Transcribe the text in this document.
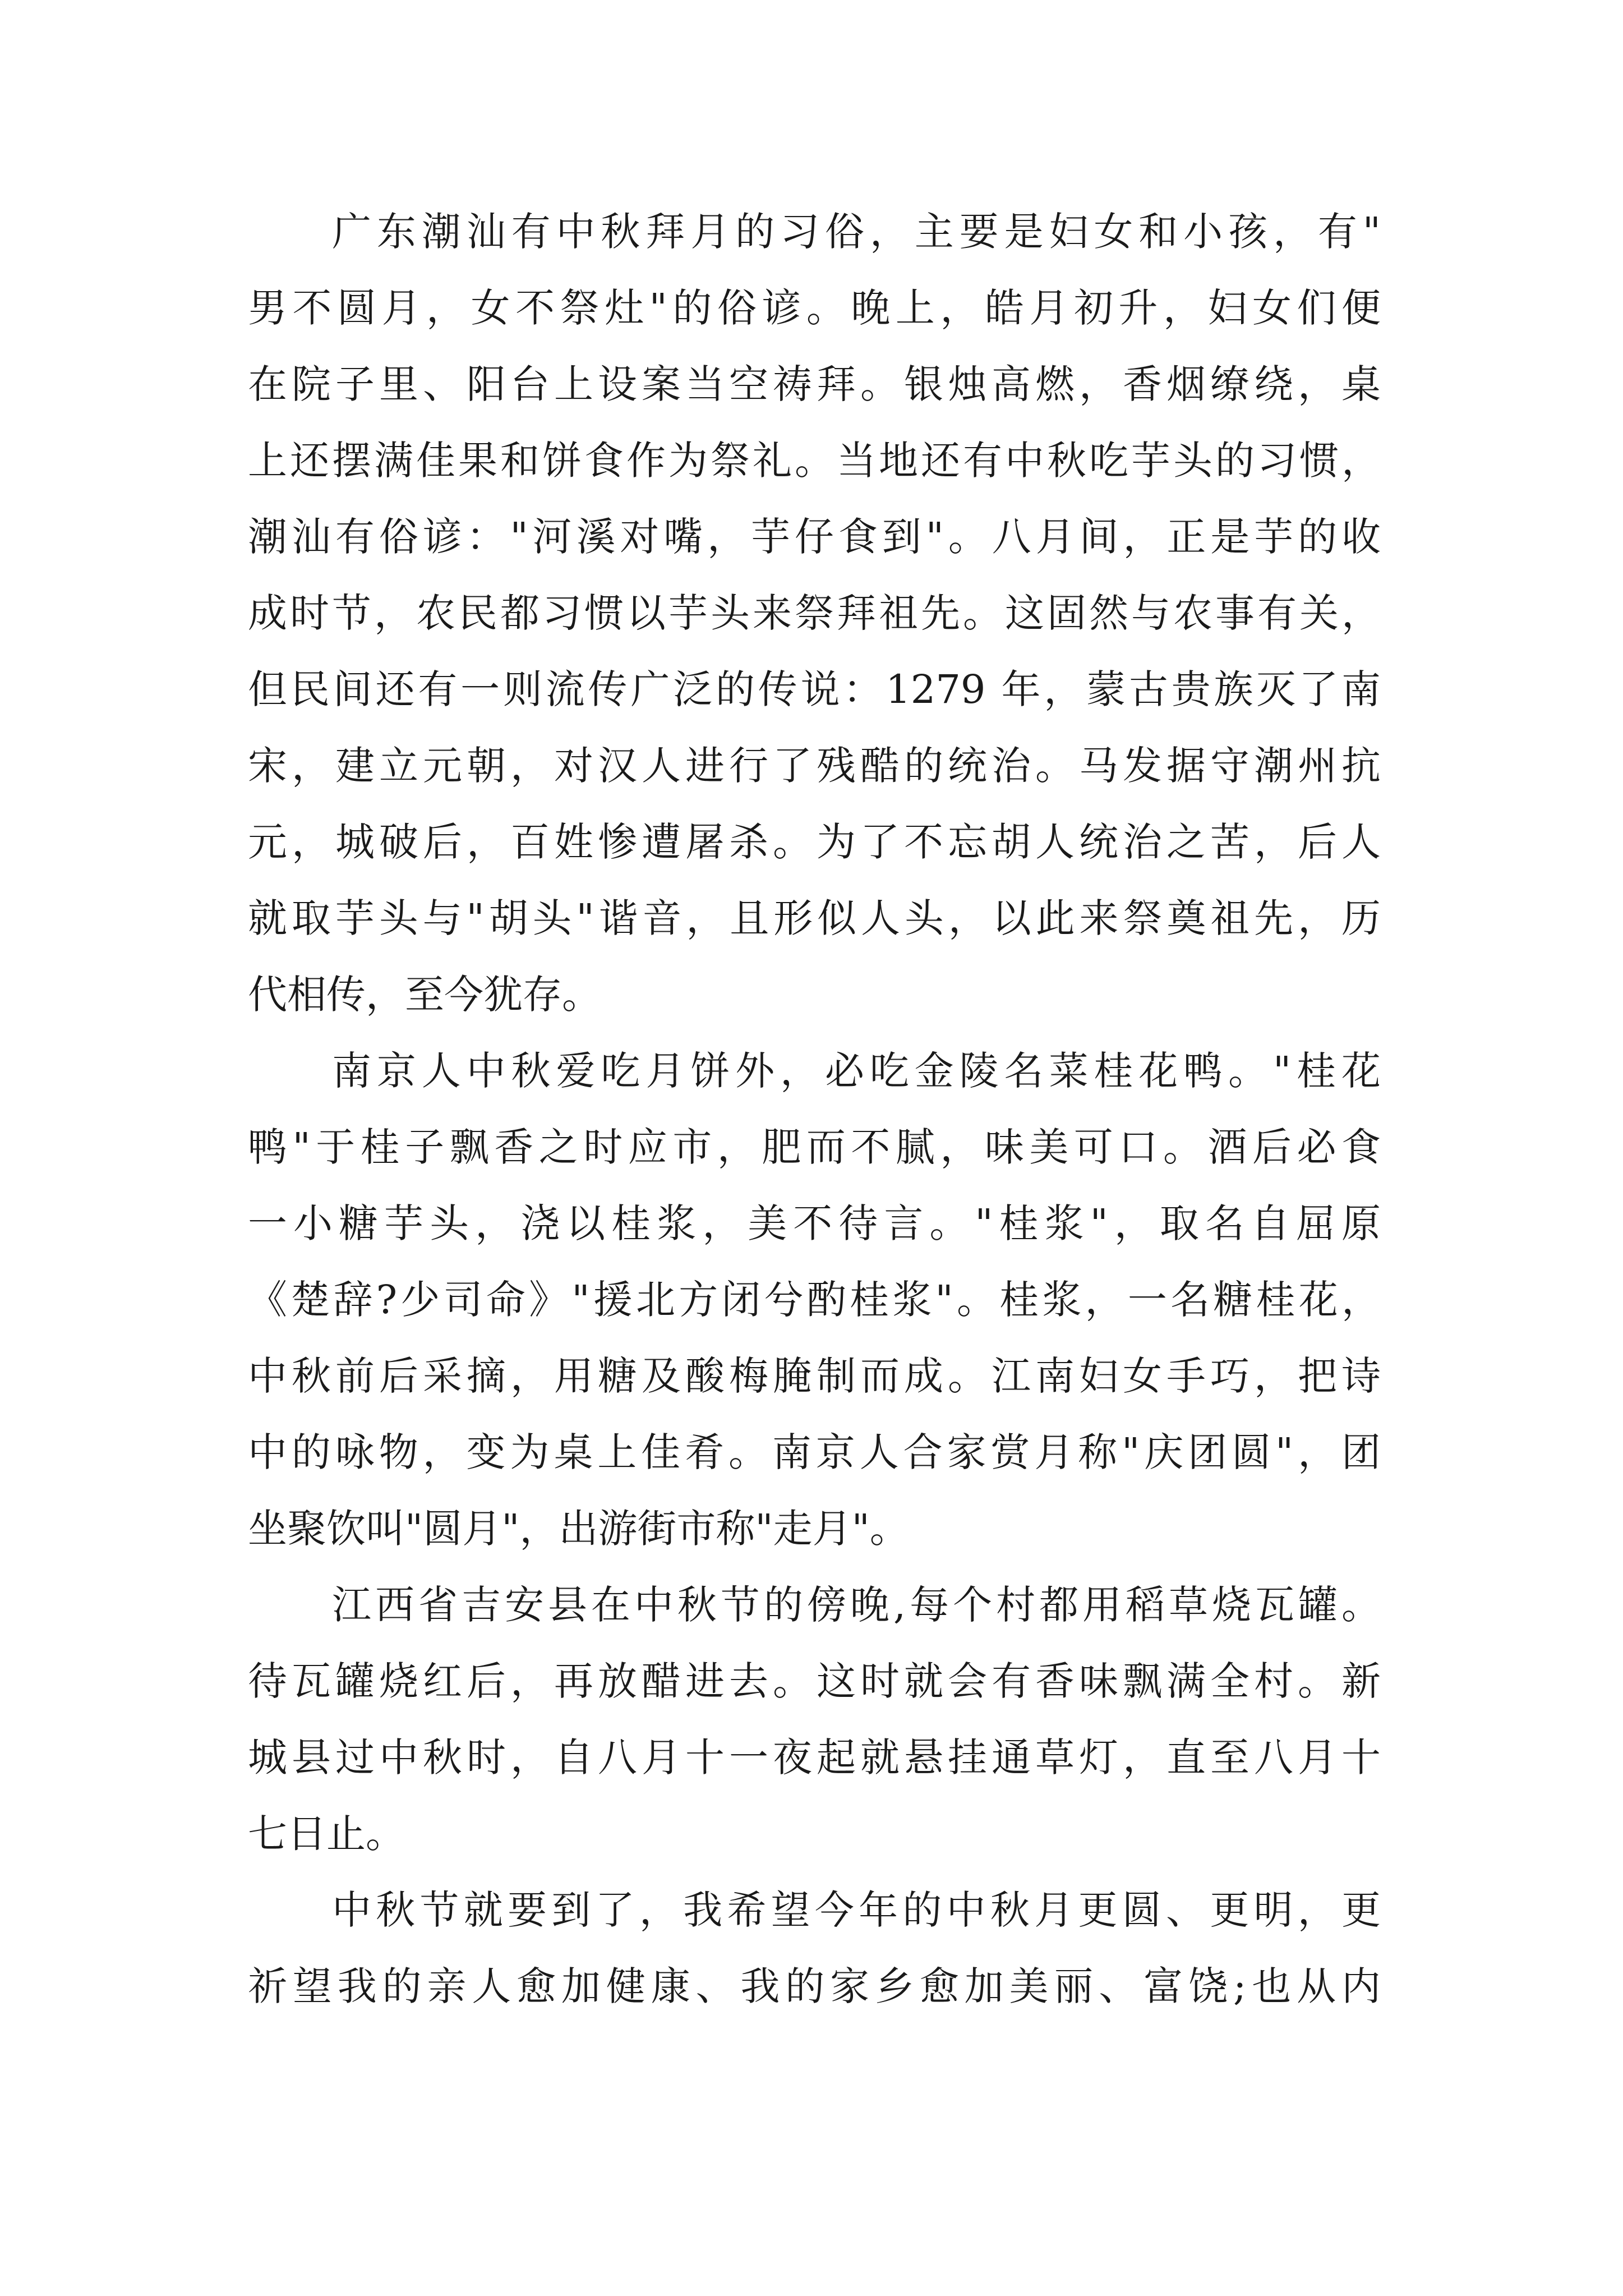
广东潮汕有中秋拜月的习俗，主要是妇女和小孩，有"
男不圆月，女不祭灶"的俗谚。晚上，皓月初升，妇女们便
在院子里、阳台上设案当空祷拜。银烛高燃，香烟缭绕，桌
上还摆满佳果和饼食作为祭礼。当地还有中秋吃芋头的习惯，
潮汕有俗谚："河溪对嘴，芋仔食到"。八月间，正是芋的收
成时节，农民都习惯以芋头来祭拜祖先。这固然与农事有关，
但民间还有一则流传广泛的传说：1279 年，蒙古贵族灭了南
宋，建立元朝，对汉人进行了残酷的统治。马发据守潮州抗
元，城破后，百姓惨遭屠杀。为了不忘胡人统治之苦，后人
就取芋头与"胡头"谐音，且形似人头，以此来祭奠祖先，历
代相传，至今犹存。
南京人中秋爱吃月饼外，必吃金陵名菜桂花鸭。"桂花
鸭"于桂子飘香之时应市，肥而不腻，味美可口。酒后必食
一小糖芋头，浇以桂浆，美不待言。"桂浆"，取名自屈原
《楚辞?少司命》"援北方闭兮酌桂浆"。桂浆，一名糖桂花，
中秋前后采摘，用糖及酸梅腌制而成。江南妇女手巧，把诗
中的咏物，变为桌上佳肴。南京人合家赏月称"庆团圆"，团
坐聚饮叫"圆月"，出游街市称"走月"。
江西省吉安县在中秋节的傍晚,每个村都用稻草烧瓦罐。
待瓦罐烧红后，再放醋进去。这时就会有香味飘满全村。新
城县过中秋时，自八月十一夜起就悬挂通草灯，直至八月十
七日止。
中秋节就要到了，我希望今年的中秋月更圆、更明，更
祈望我的亲人愈加健康、我的家乡愈加美丽、富饶;也从内
